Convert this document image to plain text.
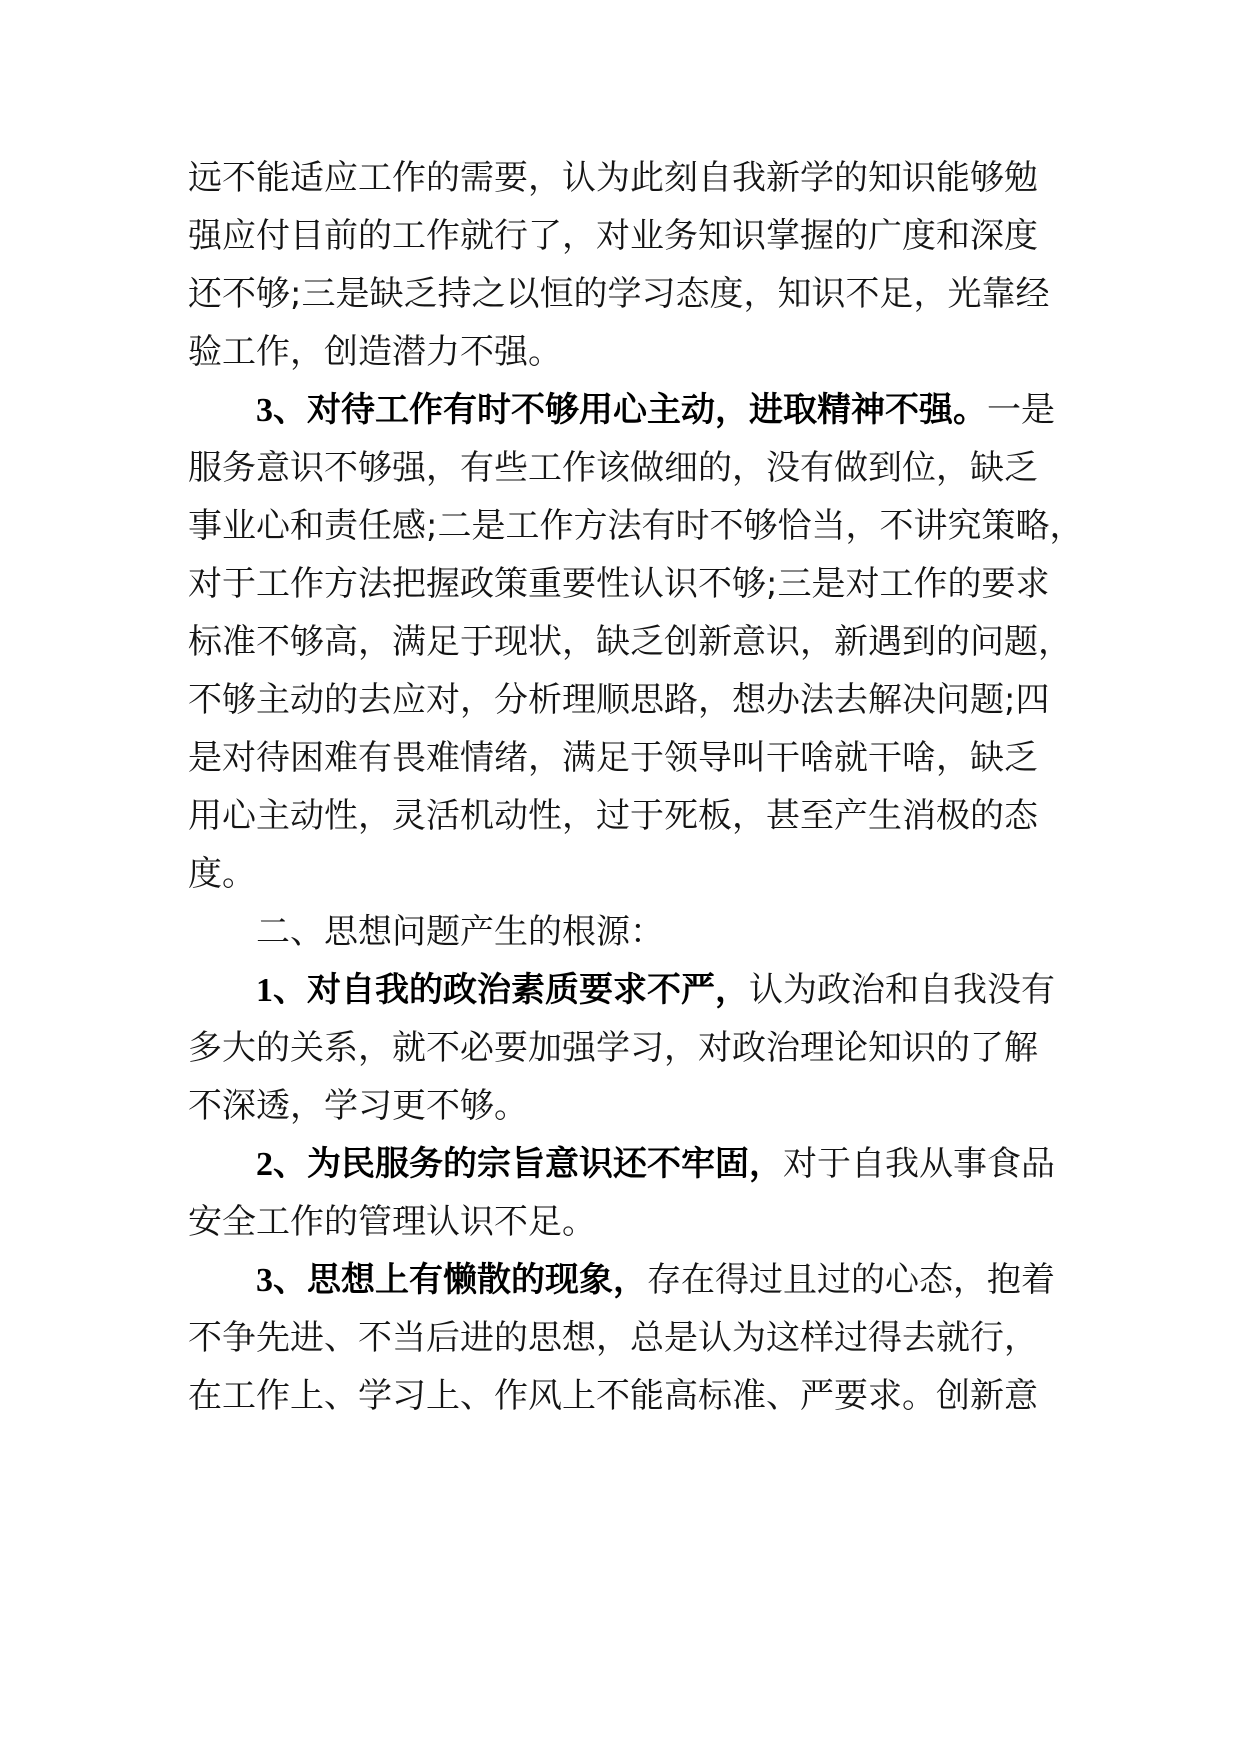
远不能适应工作的需要，认为此刻自我新学的知识能够勉

强应付目前的工作就行了，对业务知识掌握的广度和深度

还不够;三是缺乏持之以恒的学习态度，知识不足，光靠经

验工作，创造潜力不强。

3、对待工作有时不够用心主动，进取精神不强。一是

服务意识不够强，有些工作该做细的，没有做到位，缺乏

事业心和责任感;二是工作方法有时不够恰当，不讲究策略，

对于工作方法把握政策重要性认识不够;三是对工作的要求

标准不够高，满足于现状，缺乏创新意识，新遇到的问题，

不够主动的去应对，分析理顺思路，想办法去解决问题;四

是对待困难有畏难情绪，满足于领导叫干啥就干啥，缺乏

用心主动性，灵活机动性，过于死板，甚至产生消极的态

度。

二、思想问题产生的根源：

1、对自我的政治素质要求不严，认为政治和自我没有

多大的关系，就不必要加强学习，对政治理论知识的了解

不深透，学习更不够。

2、为民服务的宗旨意识还不牢固，对于自我从事食品

安全工作的管理认识不足。

3、思想上有懒散的现象，存在得过且过的心态，抱着

不争先进、不当后进的思想，总是认为这样过得去就行，

在工作上、学习上、作风上不能高标准、严要求。创新意
